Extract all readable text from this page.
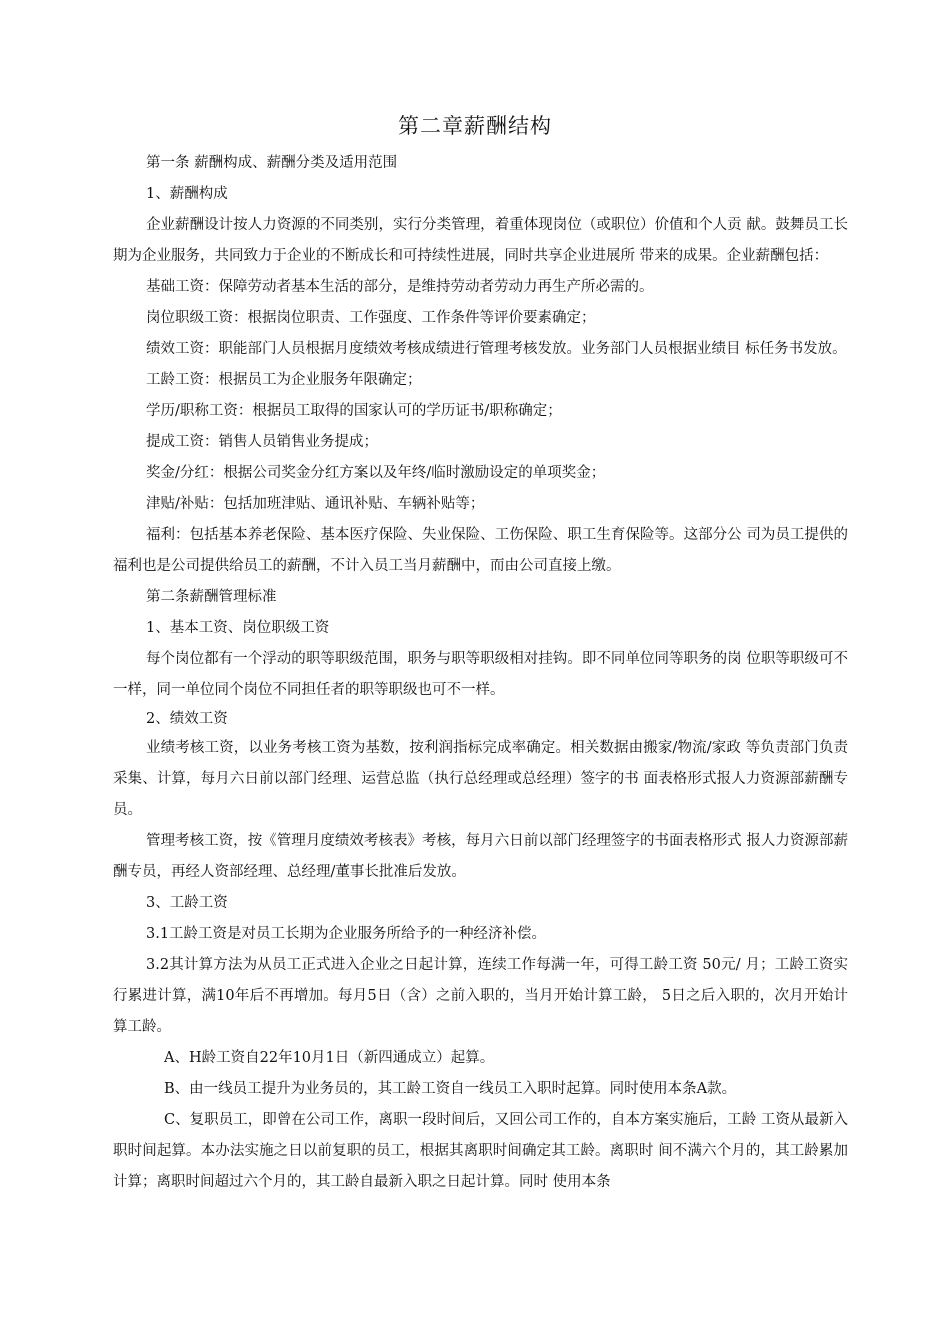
第二章薪酬结构

第一条 薪酬构成、薪酬分类及适用范围

1、薪酬构成

企业薪酬设计按人力资源的不同类别，实行分类管理，着重体现岗位（或职位）价值和个人贡 献。鼓舞员工长期为企业服务，共同致力于企业的不断成长和可持续性进展，同时共享企业进展所 带来的成果。企业薪酬包括：

基础工资：保障劳动者基本生活的部分，是维持劳动者劳动力再生产所必需的。

岗位职级工资：根据岗位职责、工作强度、工作条件等评价要素确定；

绩效工资：职能部门人员根据月度绩效考核成绩进行管理考核发放。业务部门人员根据业绩目 标任务书发放。

工龄工资：根据员工为企业服务年限确定；

学历/职称工资：根据员工取得的国家认可的学历证书/职称确定；

提成工资：销售人员销售业务提成；

奖金/分红：根据公司奖金分红方案以及年终/临时激励设定的单项奖金；

津贴/补贴：包括加班津贴、通讯补贴、车辆补贴等；

福利：包括基本养老保险、基本医疗保险、失业保险、工伤保险、职工生育保险等。这部分公 司为员工提供的福利也是公司提供给员工的薪酬，不计入员工当月薪酬中，而由公司直接上缴。

第二条薪酬管理标准

1、基本工资、岗位职级工资

每个岗位都有一个浮动的职等职级范围，职务与职等职级相对挂钩。即不同单位同等职务的岗 位职等职级可不一样，同一单位同个岗位不同担任者的职等职级也可不一样。

2、绩效工资

业绩考核工资，以业务考核工资为基数，按利润指标完成率确定。相关数据由搬家/物流/家政 等负责部门负责采集、计算，每月六日前以部门经理、运营总监（执行总经理或总经理）签字的书 面表格形式报人力资源部薪酬专员。

管理考核工资，按《管理月度绩效考核表》考核，每月六日前以部门经理签字的书面表格形式 报人力资源部薪酬专员，再经人资部经理、总经理/董事长批准后发放。

3、工龄工资

3.1工龄工资是对员工长期为企业服务所给予的一种经济补偿。

3.2其计算方法为从员工正式进入企业之日起计算，连续工作每满一年，可得工龄工资 50元/ 月；工龄工资实行累进计算，满10年后不再增加。每月5日（含）之前入职的，当月开始计算工龄， 5日之后入职的，次月开始计算工龄。

A、H龄工资自22年10月1日（新四通成立）起算。

B、由一线员工提升为业务员的，其工龄工资自一线员工入职时起算。同时使用本条A款。

C、复职员工，即曾在公司工作，离职一段时间后，又回公司工作的，自本方案实施后，工龄 工资从最新入职时间起算。本办法实施之日以前复职的员工，根据其离职时间确定其工龄。离职时 间不满六个月的，其工龄累加计算；离职时间超过六个月的，其工龄自最新入职之日起计算。同时 使用本条
